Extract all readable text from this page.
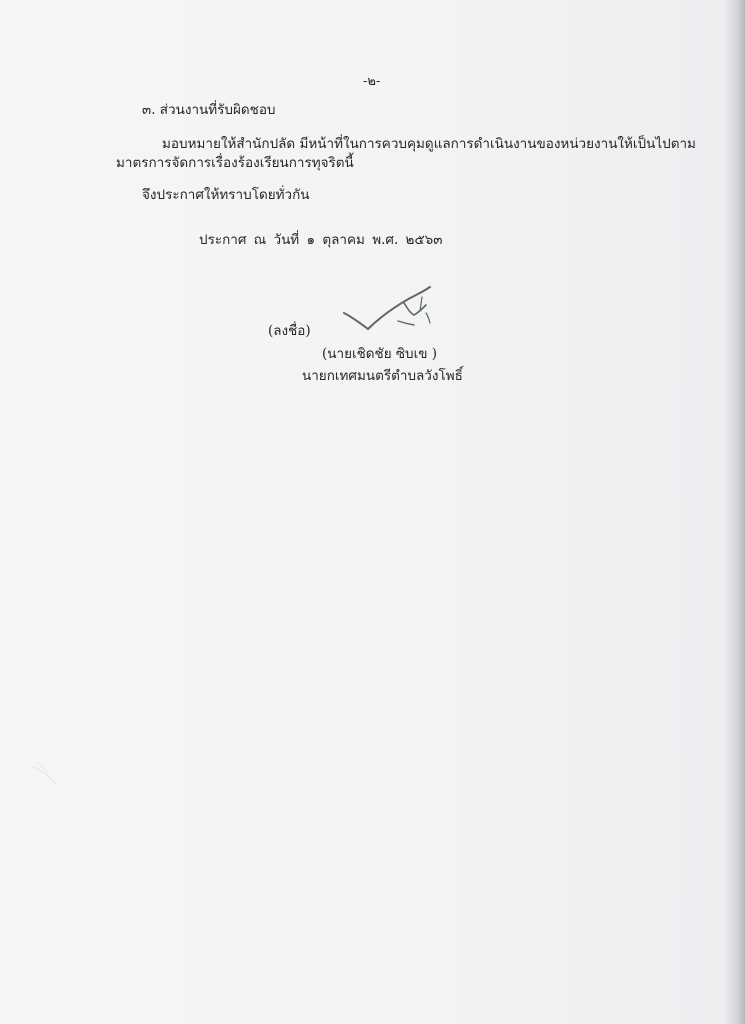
-๒-
๓. ส่วนงานที่รับผิดชอบ
มอบหมายให้สำนักปลัด มีหน้าที่ในการควบคุมดูแลการดำเนินงานของหน่วยงานให้เป็นไปตาม
มาตรการจัดการเรื่องร้องเรียนการทุจริตนี้
จึงประกาศให้ทราบโดยทั่วกัน
ประกาศ ณ วันที่ ๑ ตุลาคม พ.ศ. ๒๕๖๓
(ลงชื่อ)
(นายเชิดชัย ซิบเข )
นายกเทศมนตรีตำบลวังโพธิ์
